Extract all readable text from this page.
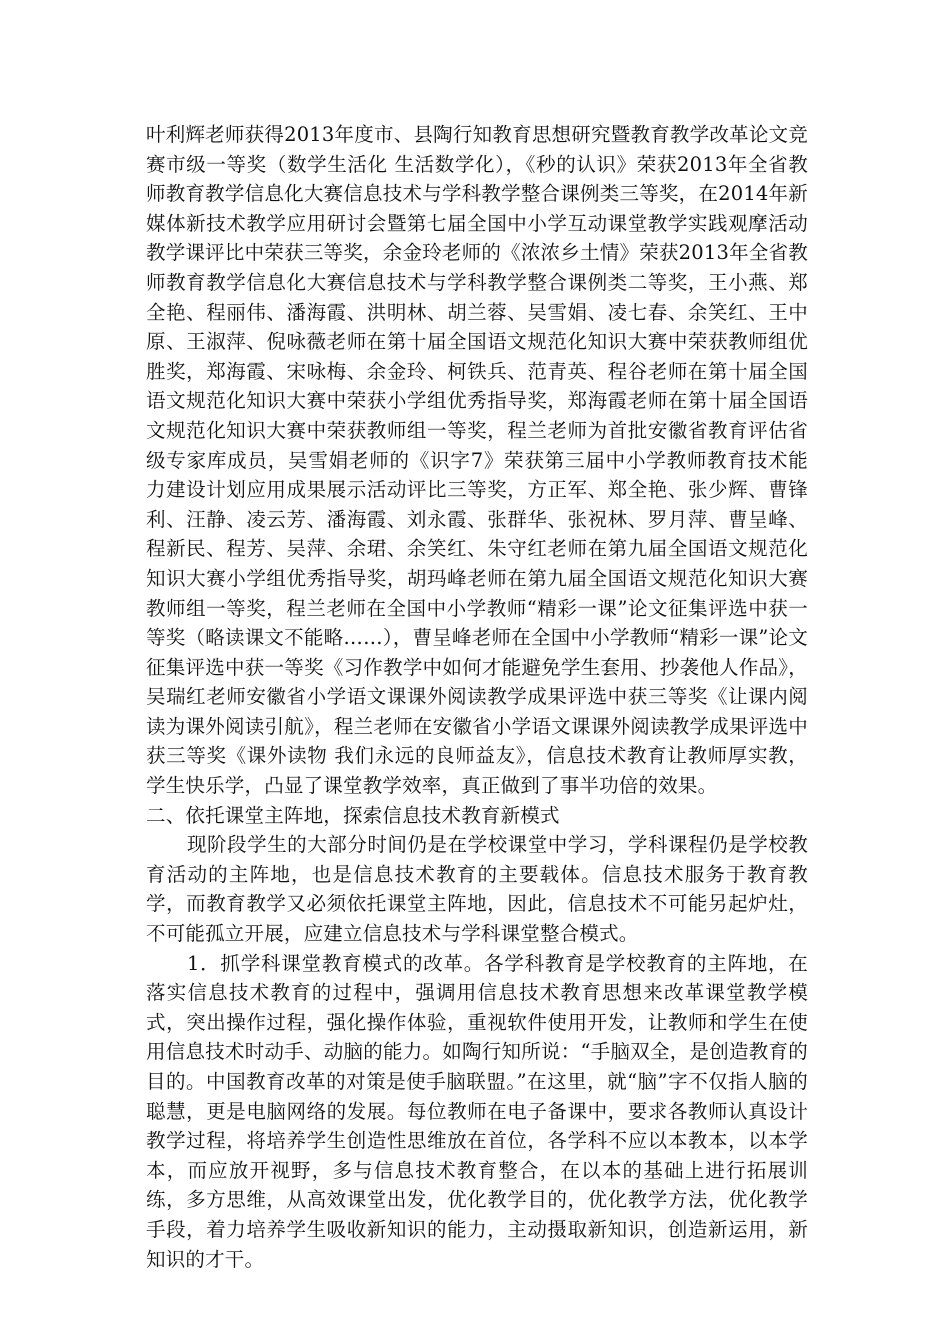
叶利辉老师获得2013年度市、县陶行知教育思想研究暨教育教学改革论文竞赛市级一等奖（数学生活化 生活数学化），《秒的认识》荣获2013年全省教师教育教学信息化大赛信息技术与学科教学整合课例类三等奖，在2014年新媒体新技术教学应用研讨会暨第七届全国中小学互动课堂教学实践观摩活动教学课评比中荣获三等奖，余金玲老师的《浓浓乡土情》荣获2013年全省教师教育教学信息化大赛信息技术与学科教学整合课例类二等奖，王小燕、郑全艳、程丽伟、潘海霞、洪明林、胡兰蓉、吴雪娟、凌七春、余笑红、王中原、王淑萍、倪咏薇老师在第十届全国语文规范化知识大赛中荣获教师组优胜奖，郑海霞、宋咏梅、余金玲、柯铁兵、范青英、程谷老师在第十届全国语文规范化知识大赛中荣获小学组优秀指导奖，郑海霞老师在第十届全国语文规范化知识大赛中荣获教师组一等奖，程兰老师为首批安徽省教育评估省级专家库成员，吴雪娟老师的《识字7》荣获第三届中小学教师教育技术能力建设计划应用成果展示活动评比三等奖，方正军、郑全艳、张少辉、曹锋利、汪静、凌云芳、潘海霞、刘永霞、张群华、张祝林、罗月萍、曹呈峰、程新民、程芳、吴萍、余珺、余笑红、朱守红老师在第九届全国语文规范化知识大赛小学组优秀指导奖，胡玛峰老师在第九届全国语文规范化知识大赛教师组一等奖，程兰老师在全国中小学教师“精彩一课”论文征集评选中获一等奖（略读课文不能略……），曹呈峰老师在全国中小学教师“精彩一课”论文征集评选中获一等奖《习作教学中如何才能避免学生套用、抄袭他人作品》，吴瑞红老师安徽省小学语文课课外阅读教学成果评选中获三等奖《让课内阅读为课外阅读引航》，程兰老师在安徽省小学语文课课外阅读教学成果评选中获三等奖《课外读物 我们永远的良师益友》，信息技术教育让教师厚实教，学生快乐学，凸显了课堂教学效率，真正做到了事半功倍的效果。

二、依托课堂主阵地，探索信息技术教育新模式

现阶段学生的大部分时间仍是在学校课堂中学习，学科课程仍是学校教育活动的主阵地，也是信息技术教育的主要载体。信息技术服务于教育教学，而教育教学又必须依托课堂主阵地，因此，信息技术不可能另起炉灶，不可能孤立开展，应建立信息技术与学科课堂整合模式。

1．抓学科课堂教育模式的改革。各学科教育是学校教育的主阵地，在落实信息技术教育的过程中，强调用信息技术教育思想来改革课堂教学模式，突出操作过程，强化操作体验，重视软件使用开发，让教师和学生在使用信息技术时动手、动脑的能力。如陶行知所说：“手脑双全，是创造教育的目的。中国教育改革的对策是使手脑联盟。”在这里，就“脑”字不仅指人脑的聪慧，更是电脑网络的发展。每位教师在电子备课中，要求各教师认真设计教学过程，将培养学生创造性思维放在首位，各学科不应以本教本，以本学本，而应放开视野，多与信息技术教育整合，在以本的基础上进行拓展训练，多方思维，从高效课堂出发，优化教学目的，优化教学方法，优化教学手段，着力培养学生吸收新知识的能力，主动摄取新知识，创造新运用，新知识的才干。
